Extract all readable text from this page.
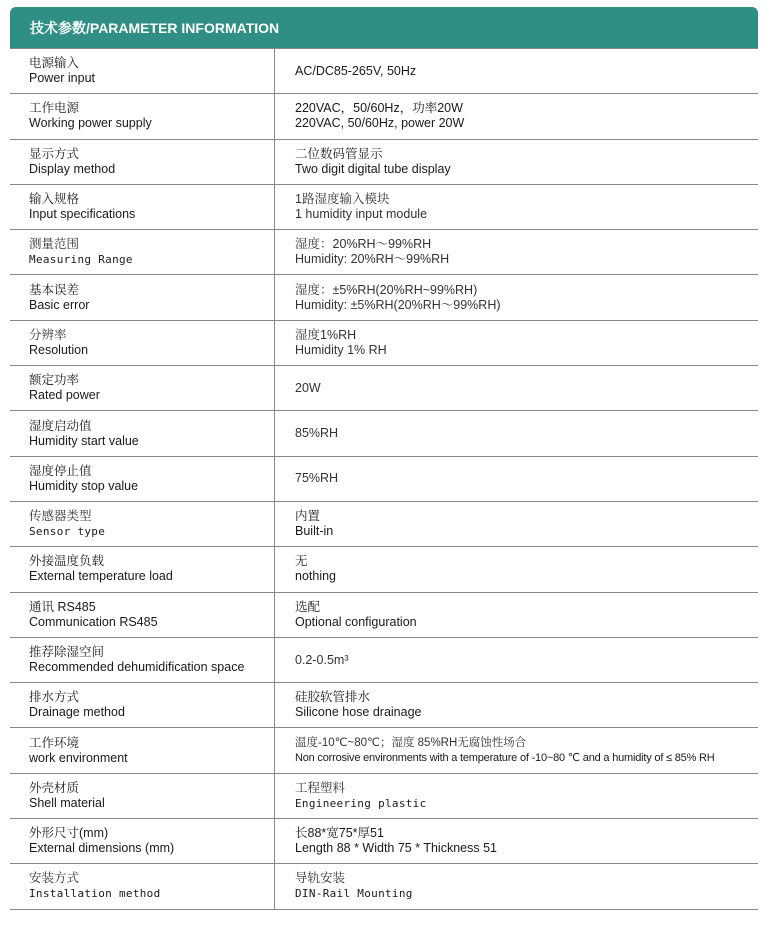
技术参数/PARAMETER INFORMATION
电源输入
Power input
AC/DC85-265V, 50Hz
工作电源
Working power supply
220VAC，50/60Hz，功率20W
220VAC, 50/60Hz, power 20W
显示方式
Display method
二位数码管显示
Two digit digital tube display
输入规格
Input specifications
1路湿度输入模块
1 humidity input module
测量范围
Measuring Range
湿度：20%RH～99%RH
Humidity: 20%RH～99%RH
基本误差
Basic error
湿度：±5%RH(20%RH~99%RH)
Humidity: ±5%RH(20%RH～99%RH)
分辨率
Resolution
湿度1%RH
Humidity 1% RH
额定功率
Rated power
20W
湿度启动值
Humidity start value
85%RH
湿度停止值
Humidity stop value
75%RH
传感器类型
Sensor type
内置
Built-in
外接温度负载
External temperature load
无
nothing
通讯 RS485
Communication RS485
选配
Optional configuration
推荐除湿空间
Recommended dehumidification space
0.2-0.5m³
排水方式
Drainage method
硅胶软管排水
Silicone hose drainage
工作环境
work environment
温度-10℃~80℃；湿度 85%RH无腐蚀性场合
Non corrosive environments with a temperature of -10~80 ℃ and a humidity of ≤ 85% RH
外壳材质
Shell material
工程塑料
Engineering plastic
外形尺寸(mm)
External dimensions (mm)
长88*宽75*厚51
Length 88 * Width 75 * Thickness 51
安装方式
Installation method
导轨安装
DIN-Rail Mounting
